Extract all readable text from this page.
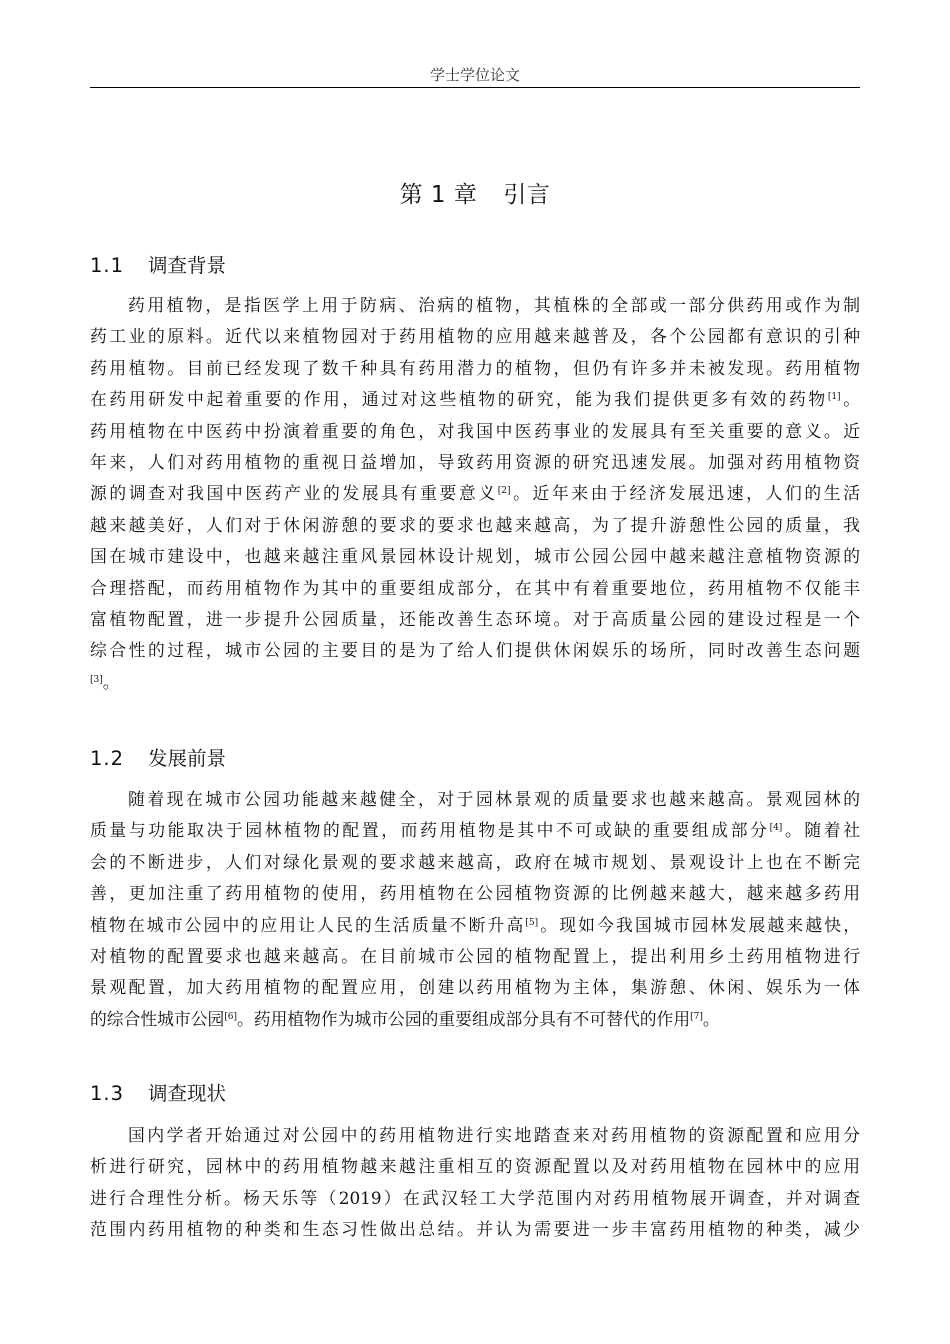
学士学位论文
第 1 章 引言
1.1 调查背景
药用植物，是指医学上用于防病、治病的植物，其植株的全部或一部分供药用或作为制
药工业的原料。近代以来植物园对于药用植物的应用越来越普及，各个公园都有意识的引种
药用植物。目前已经发现了数千种具有药用潜力的植物，但仍有许多并未被发现。药用植物
在药用研发中起着重要的作用，通过对这些植物的研究，能为我们提供更多有效的药物[1]。
药用植物在中医药中扮演着重要的角色，对我国中医药事业的发展具有至关重要的意义。近
年来，人们对药用植物的重视日益增加，导致药用资源的研究迅速发展。加强对药用植物资
源的调查对我国中医药产业的发展具有重要意义[2]。近年来由于经济发展迅速，人们的生活
越来越美好，人们对于休闲游憩的要求的要求也越来越高，为了提升游憩性公园的质量，我
国在城市建设中，也越来越注重风景园林设计规划，城市公园公园中越来越注意植物资源的
合理搭配，而药用植物作为其中的重要组成部分，在其中有着重要地位，药用植物不仅能丰
富植物配置，进一步提升公园质量，还能改善生态环境。对于高质量公园的建设过程是一个
综合性的过程，城市公园的主要目的是为了给人们提供休闲娱乐的场所，同时改善生态问题
[3]。
1.2 发展前景
随着现在城市公园功能越来越健全，对于园林景观的质量要求也越来越高。景观园林的
质量与功能取决于园林植物的配置，而药用植物是其中不可或缺的重要组成部分[4]。随着社
会的不断进步，人们对绿化景观的要求越来越高，政府在城市规划、景观设计上也在不断完
善，更加注重了药用植物的使用，药用植物在公园植物资源的比例越来越大，越来越多药用
植物在城市公园中的应用让人民的生活质量不断升高[5]。现如今我国城市园林发展越来越快，
对植物的配置要求也越来越高。在目前城市公园的植物配置上，提出利用乡土药用植物进行
景观配置，加大药用植物的配置应用，创建以药用植物为主体，集游憩、休闲、娱乐为一体
的综合性城市公园[6]。药用植物作为城市公园的重要组成部分具有不可替代的作用[7]。
1.3 调查现状
国内学者开始通过对公园中的药用植物进行实地踏查来对药用植物的资源配置和应用分
析进行研究，园林中的药用植物越来越注重相互的资源配置以及对药用植物在园林中的应用
进行合理性分析。杨天乐等（2019）在武汉轻工大学范围内对药用植物展开调查，并对调查
范围内药用植物的种类和生态习性做出总结。并认为需要进一步丰富药用植物的种类，减少
